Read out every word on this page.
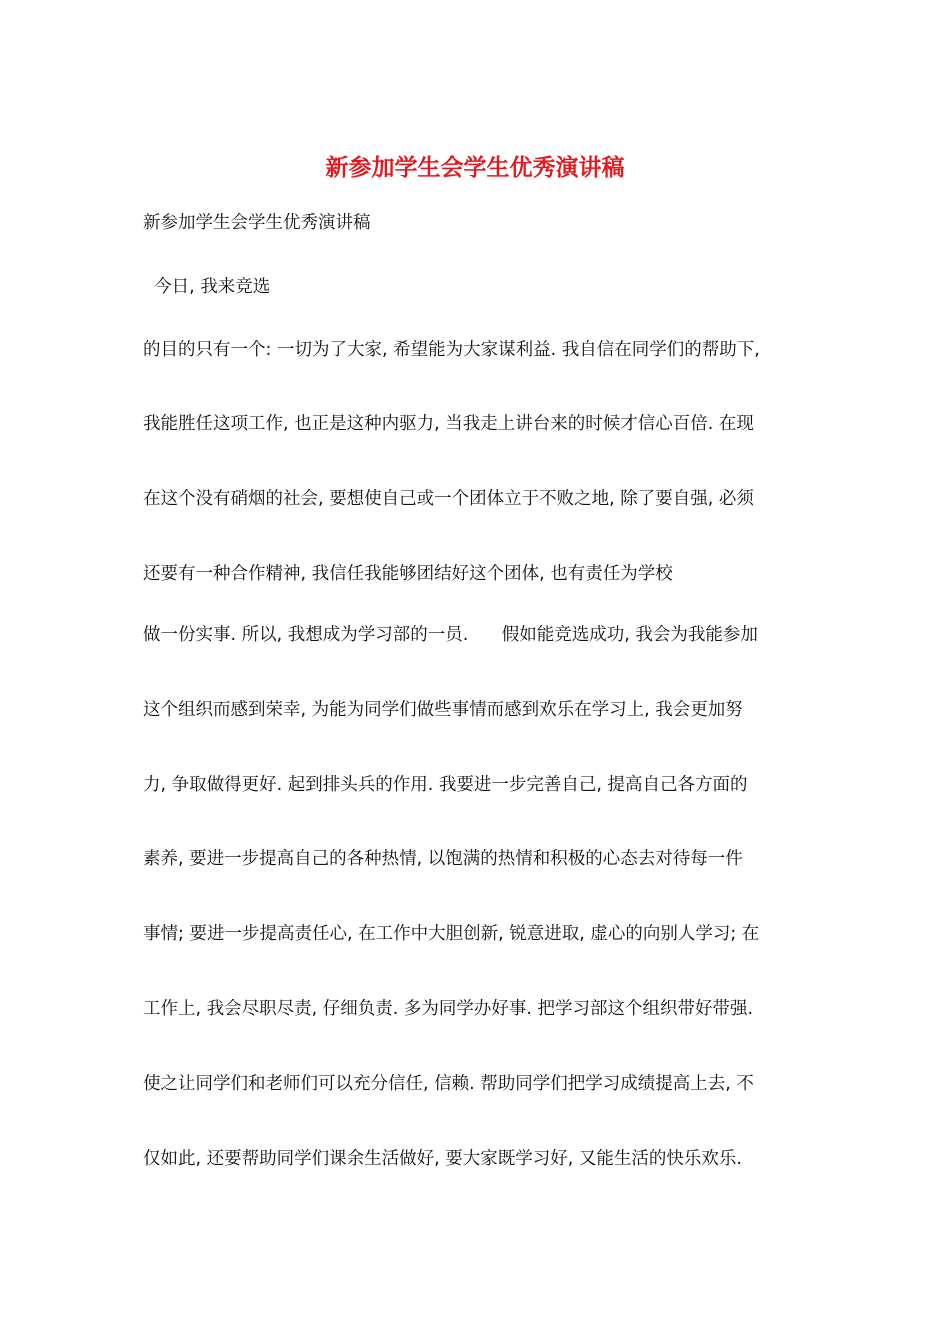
新参加学生会学生优秀演讲稿
新参加学生会学生优秀演讲稿
今日, 我来竞选
的目的只有一个: 一切为了大家, 希望能为大家谋利益. 我自信在同学们的帮助下,
我能胜任这项工作, 也正是这种内驱力, 当我走上讲台来的时候才信心百倍. 在现
在这个没有硝烟的社会, 要想使自己或一个团体立于不败之地, 除了要自强, 必须
还要有一种合作精神, 我信任我能够团结好这个团体, 也有责任为学校
做一份实事. 所以, 我想成为学习部的一员.      假如能竞选成功, 我会为我能参加
这个组织而感到荣幸, 为能为同学们做些事情而感到欢乐在学习上, 我会更加努
力, 争取做得更好. 起到排头兵的作用. 我要进一步完善自己, 提高自己各方面的
素养, 要进一步提高自己的各种热情, 以饱满的热情和积极的心态去对待每一件
事情; 要进一步提高责任心, 在工作中大胆创新, 锐意进取, 虚心的向别人学习; 在
工作上, 我会尽职尽责, 仔细负责. 多为同学办好事. 把学习部这个组织带好带强.
使之让同学们和老师们可以充分信任, 信赖. 帮助同学们把学习成绩提高上去, 不
仅如此, 还要帮助同学们课余生活做好, 要大家既学习好, 又能生活的快乐欢乐.
